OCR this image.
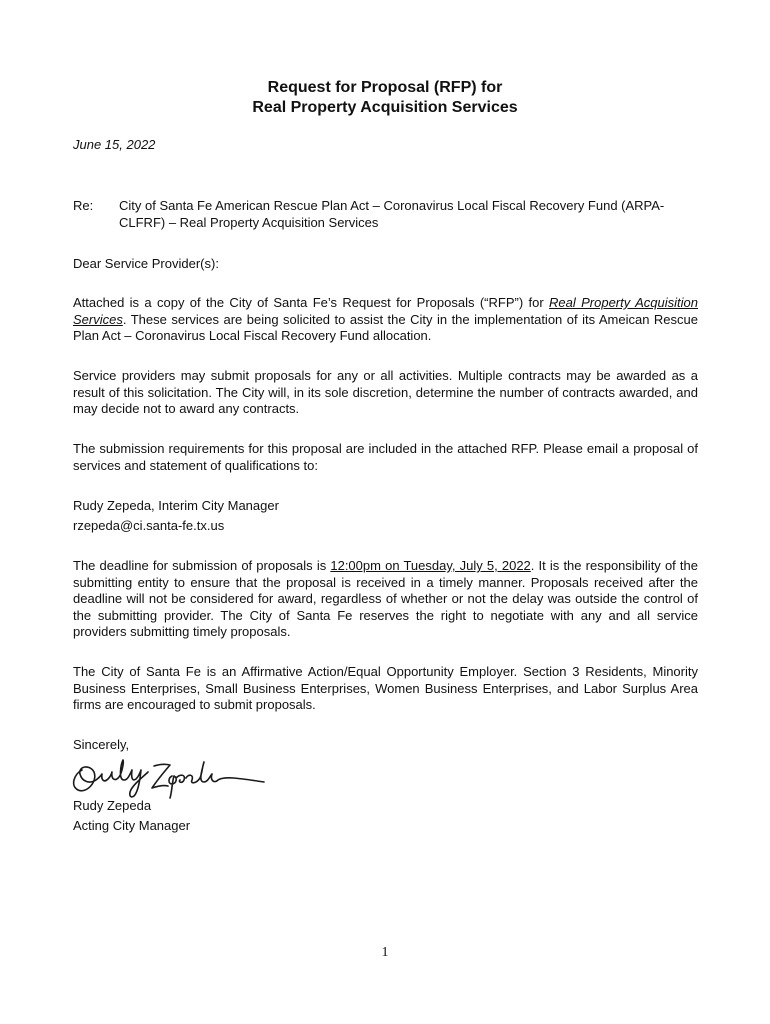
Request for Proposal (RFP) for
Real Property Acquisition Services
June 15, 2022
Re: City of Santa Fe American Rescue Plan Act – Coronavirus Local Fiscal Recovery Fund (ARPA-CLFRF) – Real Property Acquisition Services
Dear Service Provider(s):
Attached is a copy of the City of Santa Fe’s Request for Proposals (“RFP”) for Real Property Acquisition Services. These services are being solicited to assist the City in the implementation of its Ameican Rescue Plan Act – Coronavirus Local Fiscal Recovery Fund allocation.
Service providers may submit proposals for any or all activities. Multiple contracts may be awarded as a result of this solicitation. The City will, in its sole discretion, determine the number of contracts awarded, and may decide not to award any contracts.
The submission requirements for this proposal are included in the attached RFP. Please email a proposal of services and statement of qualifications to:
Rudy Zepeda, Interim City Manager
rzepeda@ci.santa-fe.tx.us
The deadline for submission of proposals is 12:00pm on Tuesday, July 5, 2022. It is the responsibility of the submitting entity to ensure that the proposal is received in a timely manner. Proposals received after the deadline will not be considered for award, regardless of whether or not the delay was outside the control of the submitting provider. The City of Santa Fe reserves the right to negotiate with any and all service providers submitting timely proposals.
The City of Santa Fe is an Affirmative Action/Equal Opportunity Employer. Section 3 Residents, Minority Business Enterprises, Small Business Enterprises, Women Business Enterprises, and Labor Surplus Area firms are encouraged to submit proposals.
Sincerely,
Rudy Zepeda
Acting City Manager
1
